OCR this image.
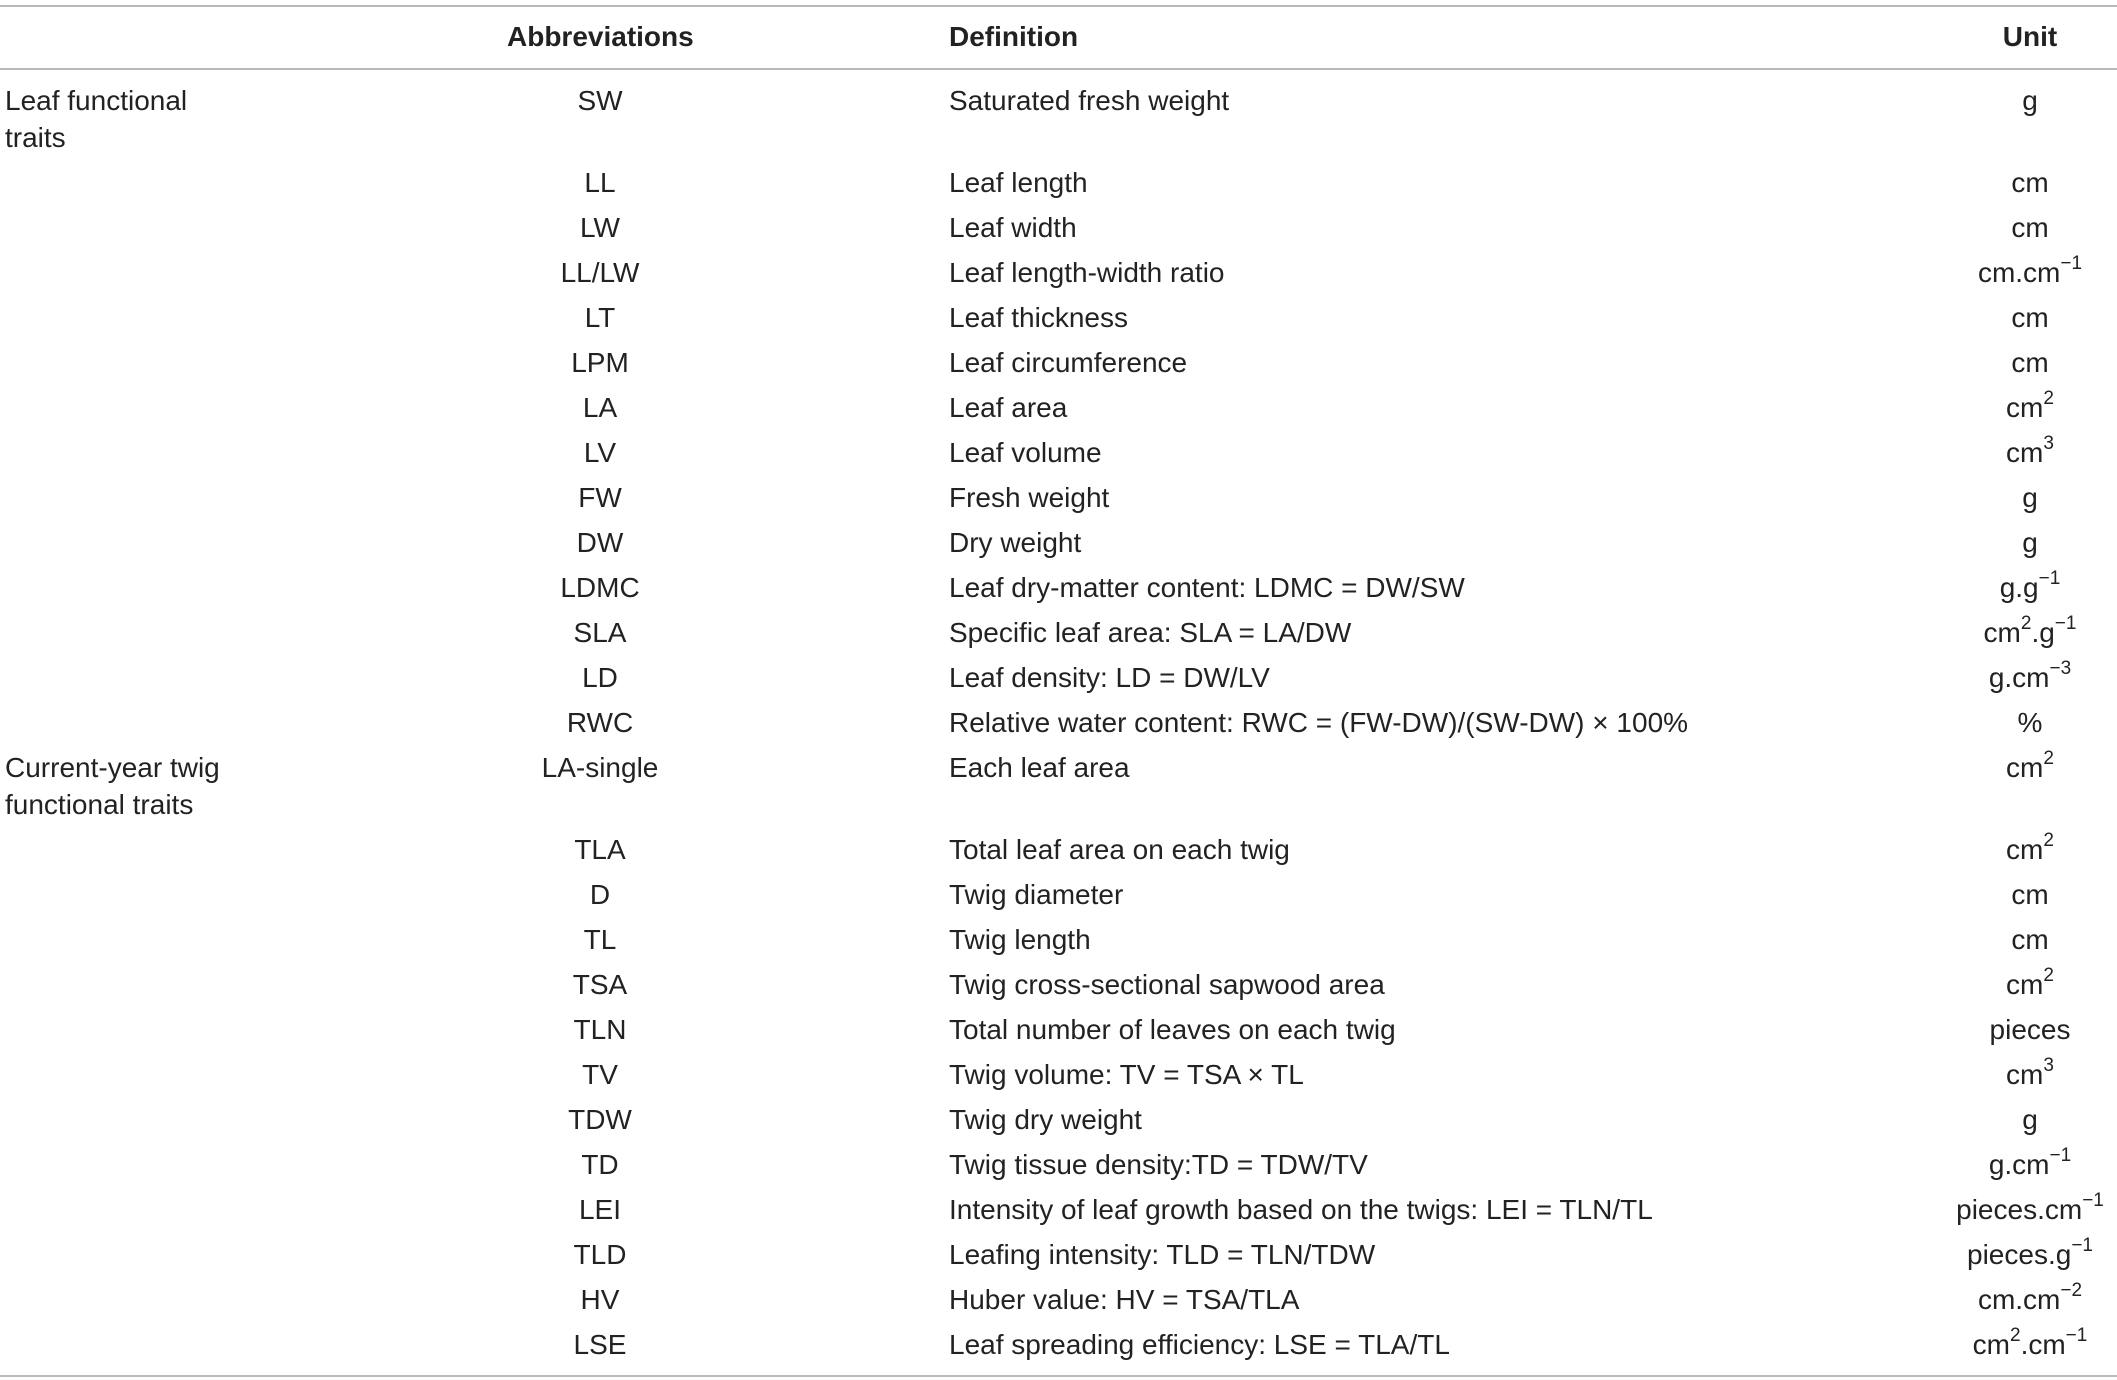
Abbreviations	Definition	Unit
Leaf functional traits
SW	Saturated fresh weight	g
LL	Leaf length	cm
LW	Leaf width	cm
LL/LW	Leaf length-width ratio	$cm.cm^{-1}$
LT	Leaf thickness	cm
LPM	Leaf circumference	cm
LA	Leaf area	$cm^2$
LV	Leaf volume	$cm^3$
FW	Fresh weight	g
DW	Dry weight	g
LDMC	Leaf dry-matter content: LDMC = DW/SW	$g.g^{-1}$
SLA	Specific leaf area: SLA = LA/DW	$cm^2.g^{-1}$
LD	Leaf density: LD = DW/LV	$g.cm^{-3}$
RWC	Relative water content: RWC = (FW-DW)/(SW-DW) × 100%	%
Current-year twig functional traits
LA-single	Each leaf area	$cm^2$
TLA	Total leaf area on each twig	$cm^2$
D	Twig diameter	cm
TL	Twig length	cm
TSA	Twig cross-sectional sapwood area	$cm^2$
TLN	Total number of leaves on each twig	pieces
TV	Twig volume: TV = TSA × TL	$cm^3$
TDW	Twig dry weight	g
TD	Twig tissue density:TD = TDW/TV	$g.cm^{-1}$
LEI	Intensity of leaf growth based on the twigs: LEI = TLN/TL	$pieces.cm^{-1}$
TLD	Leafing intensity: TLD = TLN/TDW	$pieces.g^{-1}$
HV	Huber value: HV = TSA/TLA	$cm.cm^{-2}$
LSE	Leaf spreading efficiency: LSE = TLA/TL	$cm^2.cm^{-1}$
